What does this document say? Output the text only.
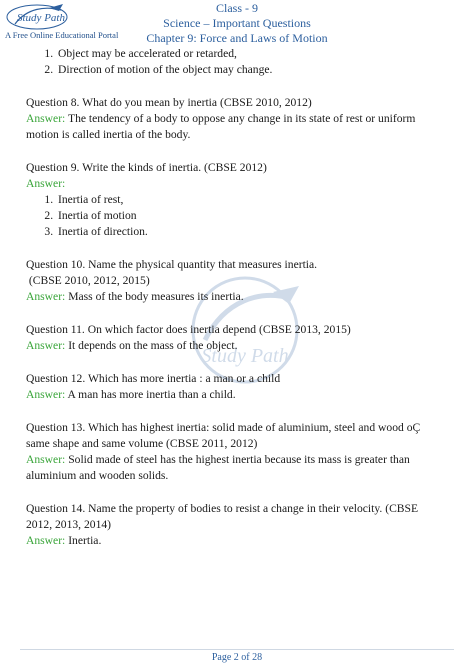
Study Path
A Free Online Educational Portal
Class - 9
Science – Important Questions
Chapter 9: Force and Laws of Motion
Study Path
1. Object may be accelerated or retarded,
2. Direction of motion of the object may change.

Question 8. What do you mean by inertia (CBSE 2010, 2012)

Answer: The tendency of a body to oppose any change in its state of rest or uniform motion is called inertia of the body.

Question 9. Write the kinds of inertia. (CBSE 2012)

Answer:

1. Inertia of rest,
2. Inertia of motion
3. Inertia of direction.

Question 10. Name the physical quantity that measures inertia.

(CBSE 2010, 2012, 2015)

Answer: Mass of the body measures its inertia.

Question 11. On which factor does inertia depend (CBSE 2013, 2015)

Answer: It depends on the mass of the object.

Question 12. Which has more inertia : a man or a child

Answer: A man has more inertia than a child.

Question 13. Which has highest inertia: solid made of aluminium, steel and wood oÇ same shape and same volume (CBSE 2011, 2012)

Answer: Solid made of steel has the highest inertia because its mass is greater than aluminium and wooden solids.

Question 14. Name the property of bodies to resist a change in their velocity. (CBSE 2012, 2013, 2014)

Answer: Inertia.

Page 2 of 28
